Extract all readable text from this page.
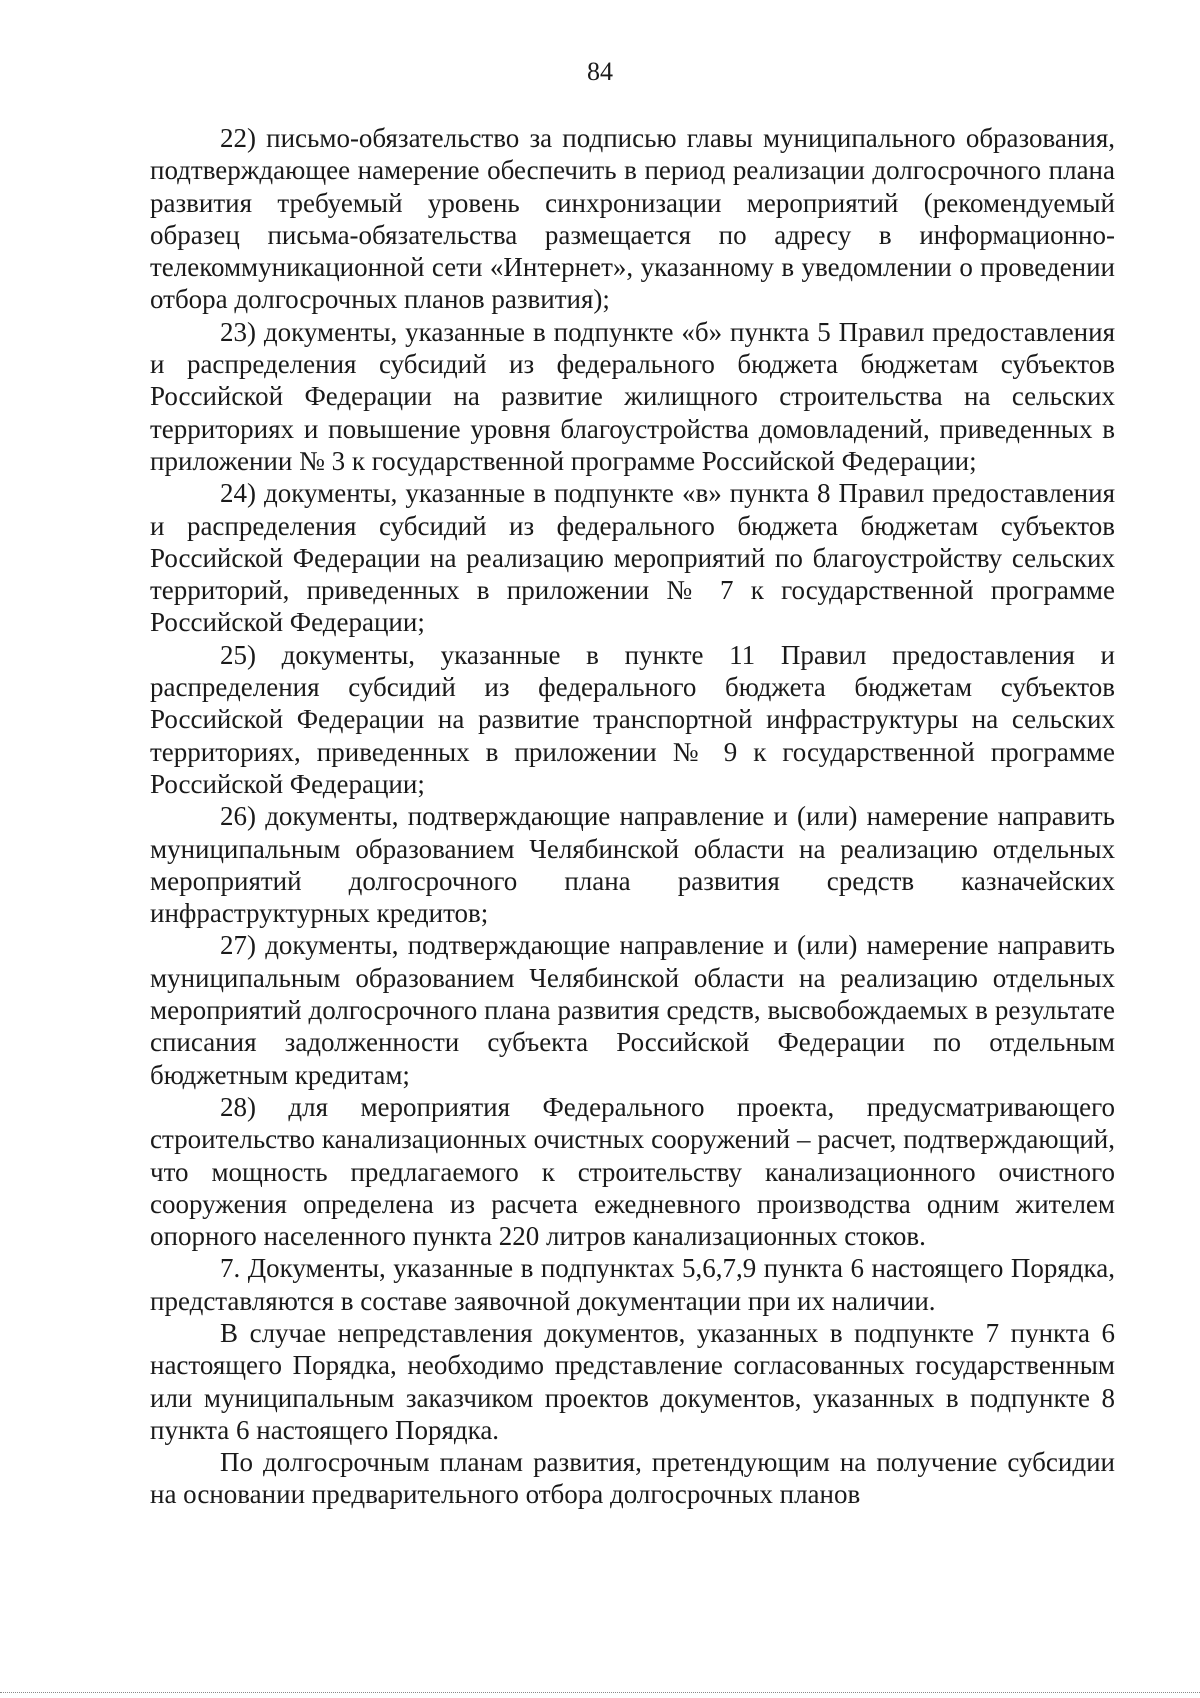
84

22) письмо-обязательство за подписью главы муниципального образования, подтверждающее намерение обеспечить в период реализации долгосрочного плана развития требуемый уровень синхронизации мероприятий (рекомендуемый образец письма-обязательства размещается по адресу в информационно-телекоммуникационной сети «Интернет», указанному в уведомлении о проведении отбора долгосрочных планов развития);

23) документы, указанные в подпункте «б» пункта 5 Правил предоставления и распределения субсидий из федерального бюджета бюджетам субъектов Российской Федерации на развитие жилищного строительства на сельских территориях и повышение уровня благоустройства домовладений, приведенных в приложении № 3 к государственной программе Российской Федерации;

24) документы, указанные в подпункте «в» пункта 8 Правил предоставления и распределения субсидий из федерального бюджета бюджетам субъектов Российской Федерации на реализацию мероприятий по благоустройству сельских территорий, приведенных в приложении № 7 к государственной программе Российской Федерации;

25) документы, указанные в пункте 11 Правил предоставления и распределения субсидий из федерального бюджета бюджетам субъектов Российской Федерации на развитие транспортной инфраструктуры на сельских территориях, приведенных в приложении № 9 к государственной программе Российской Федерации;

26) документы, подтверждающие направление и (или) намерение направить муниципальным образованием Челябинской области на реализацию отдельных мероприятий долгосрочного плана развития средств казначейских инфраструктурных кредитов;

27) документы, подтверждающие направление и (или) намерение направить муниципальным образованием Челябинской области на реализацию отдельных мероприятий долгосрочного плана развития средств, высвобождаемых в результате списания задолженности субъекта Российской Федерации по отдельным бюджетным кредитам;

28) для мероприятия Федерального проекта, предусматривающего строительство канализационных очистных сооружений – расчет, подтверждающий, что мощность предлагаемого к строительству канализационного очистного сооружения определена из расчета ежедневного производства одним жителем опорного населенного пункта 220 литров канализационных стоков.

7. Документы, указанные в подпунктах 5,6,7,9 пункта 6 настоящего Порядка, представляются в составе заявочной документации при их наличии.

В случае непредставления документов, указанных в подпункте 7 пункта 6 настоящего Порядка, необходимо представление согласованных государственным или муниципальным заказчиком проектов документов, указанных в подпункте 8 пункта 6 настоящего Порядка.

По долгосрочным планам развития, претендующим на получение субсидии на основании предварительного отбора долгосрочных планов
